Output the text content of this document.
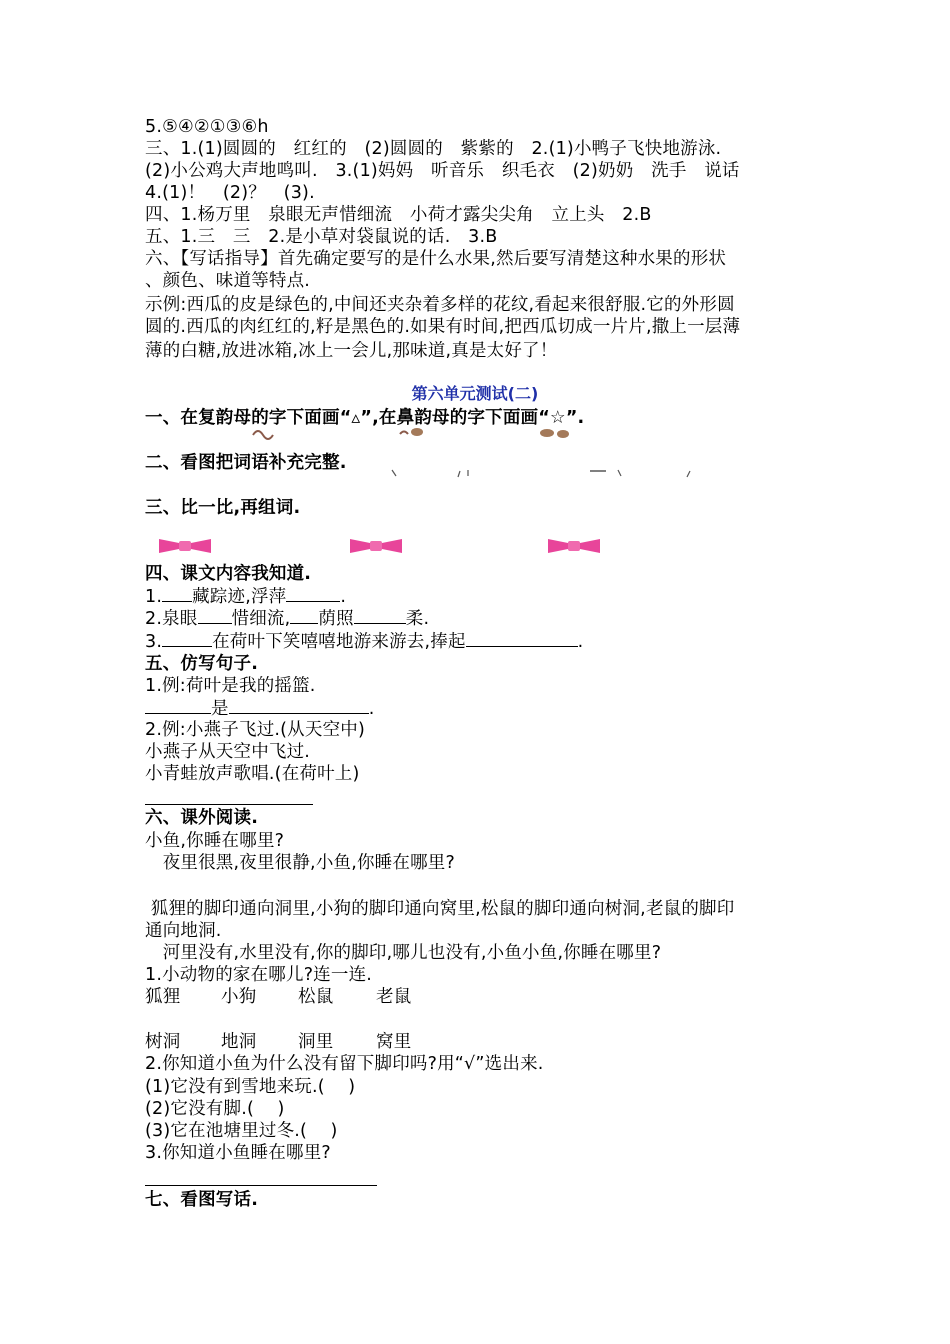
5.⑤④②①③⑥h
三、1.(1)圆圆的　红红的　(2)圆圆的　紫紫的　2.(1)小鸭子飞快地游泳.
(2)小公鸡大声地鸣叫.　3.(1)妈妈　听音乐　织毛衣　(2)奶奶　洗手　说话
4.(1)！　(2)？　(3).
四、1.杨万里　泉眼无声惜细流　小荷才露尖尖角　立上头　2.B
五、1.三　三　2.是小草对袋鼠说的话.　3.B
六、【写话指导】首先确定要写的是什么水果,然后要写清楚这种水果的形状
、颜色、味道等特点.
示例:西瓜的皮是绿色的,中间还夹杂着多样的花纹,看起来很舒服.它的外形圆
圆的.西瓜的肉红红的,籽是黑色的.如果有时间,把西瓜切成一片片,撒上一层薄
薄的白糖,放进冰箱,冰上一会儿,那味道,真是太好了！
第六单元测试(二)
一、在复韵母的字下面画“▵”,在鼻韵母的字下面画“☆”.
二、看图把词语补充完整.
三、比一比,再组词.
四、课文内容我知道.
1. 藏踪迹,浮萍	.
2.泉眼 惜细流, 荫照	柔.
3.	在荷叶下笑嘻嘻地游来游去,捧起	.
五、仿写句子.
1.例:荷叶是我的摇篮.
是	.
2.例:小燕子飞过.(从天空中)
小燕子从天空中飞过.
小青蛙放声歌唱.(在荷叶上)
六、课外阅读.
小鱼,你睡在哪里?
　夜里很黑,夜里很静,小鱼,你睡在哪里?
狐狸的脚印通向洞里,小狗的脚印通向窝里,松鼠的脚印通向树洞,老鼠的脚印
通向地洞.
　河里没有,水里没有,你的脚印,哪儿也没有,小鱼小鱼,你睡在哪里?
1.小动物的家在哪儿?连一连.
狐狸 小狗 松鼠 老鼠
树洞 地洞 洞里 窝里
2.你知道小鱼为什么没有留下脚印吗?用“√”选出来.
(1)它没有到雪地来玩.(　 )
(2)它没有脚.(　 )
(3)它在池塘里过冬.(　 )
3.你知道小鱼睡在哪里?
七、看图写话.
